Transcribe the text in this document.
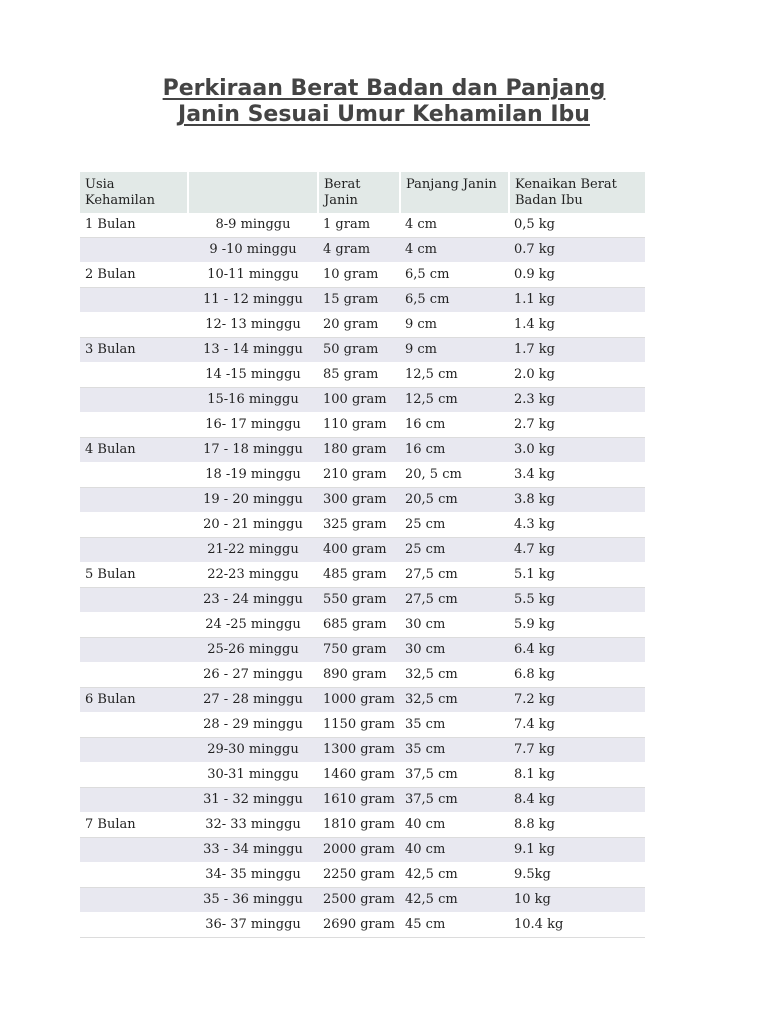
Perkiraan Berat Badan dan Panjang
Janin Sesuai Umur Kehamilan Ibu
Usia Kehamilan		Berat Janin	Panjang Janin	Kenaikan Berat Badan Ibu
1 Bulan	8-9 minggu	1 gram	4 cm	0,5 kg
	9 -10 minggu	4 gram	4 cm	0.7 kg
2 Bulan	10-11 minggu	10 gram	6,5 cm	0.9 kg
	11 - 12 minggu	15 gram	6,5 cm	1.1 kg
	12- 13 minggu	20 gram	9 cm	1.4 kg
3 Bulan	13 - 14 minggu	50 gram	9 cm	1.7 kg
	14 -15 minggu	85 gram	12,5 cm	2.0 kg
	15-16 minggu	100 gram	12,5 cm	2.3 kg
	16- 17 minggu	110 gram	16 cm	2.7 kg
4 Bulan	17 - 18 minggu	180 gram	16 cm	3.0 kg
	18 -19 minggu	210 gram	20, 5 cm	3.4 kg
	19 - 20 minggu	300 gram	20,5 cm	3.8 kg
	20 - 21 minggu	325 gram	25 cm	4.3 kg
	21-22 minggu	400 gram	25 cm	4.7 kg
5 Bulan	22-23 minggu	485 gram	27,5 cm	5.1 kg
	23 - 24 minggu	550 gram	27,5 cm	5.5 kg
	24 -25 minggu	685 gram	30 cm	5.9 kg
	25-26 minggu	750 gram	30 cm	6.4 kg
	26 - 27 minggu	890 gram	32,5 cm	6.8 kg
6 Bulan	27 - 28 minggu	1000 gram	32,5 cm	7.2 kg
	28 - 29 minggu	1150 gram	35 cm	7.4 kg
	29-30 minggu	1300 gram	35 cm	7.7 kg
	30-31 minggu	1460 gram	37,5 cm	8.1 kg
	31 - 32 minggu	1610 gram	37,5 cm	8.4 kg
7 Bulan	32- 33 minggu	1810 gram	40 cm	8.8 kg
	33 - 34 minggu	2000 gram	40 cm	9.1 kg
	34- 35 minggu	2250 gram	42,5 cm	9.5kg
	35 - 36 minggu	2500 gram	42,5 cm	10 kg
	36- 37 minggu	2690 gram	45 cm	10.4 kg
